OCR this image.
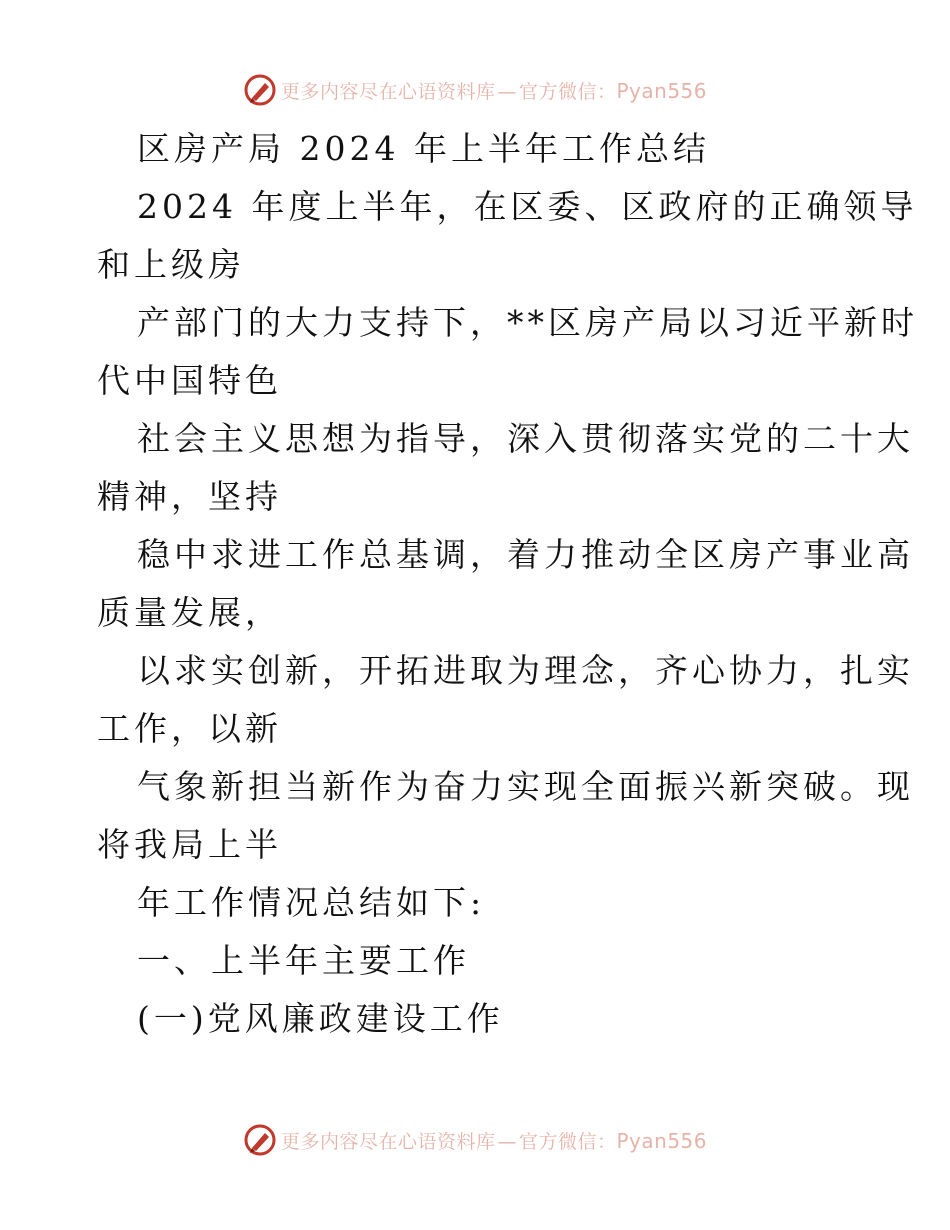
更多内容尽在心语资料库 — 官方微信：Pyan556
区房产局 2024 年上半年工作总结
2024 年度上半年，在区委、区政府的正确领导
和上级房
产部门的大力支持下，**区房产局以习近平新时
代中国特色
社会主义思想为指导，深入贯彻落实党的二十大
精神，坚持
稳中求进工作总基调，着力推动全区房产事业高
质量发展，
以求实创新，开拓进取为理念，齐心协力，扎实
工作，以新
气象新担当新作为奋力实现全面振兴新突破。现
将我局上半
年工作情况总结如下:
一、上半年主要工作
(一)党风廉政建设工作
更多内容尽在心语资料库 — 官方微信：Pyan556
